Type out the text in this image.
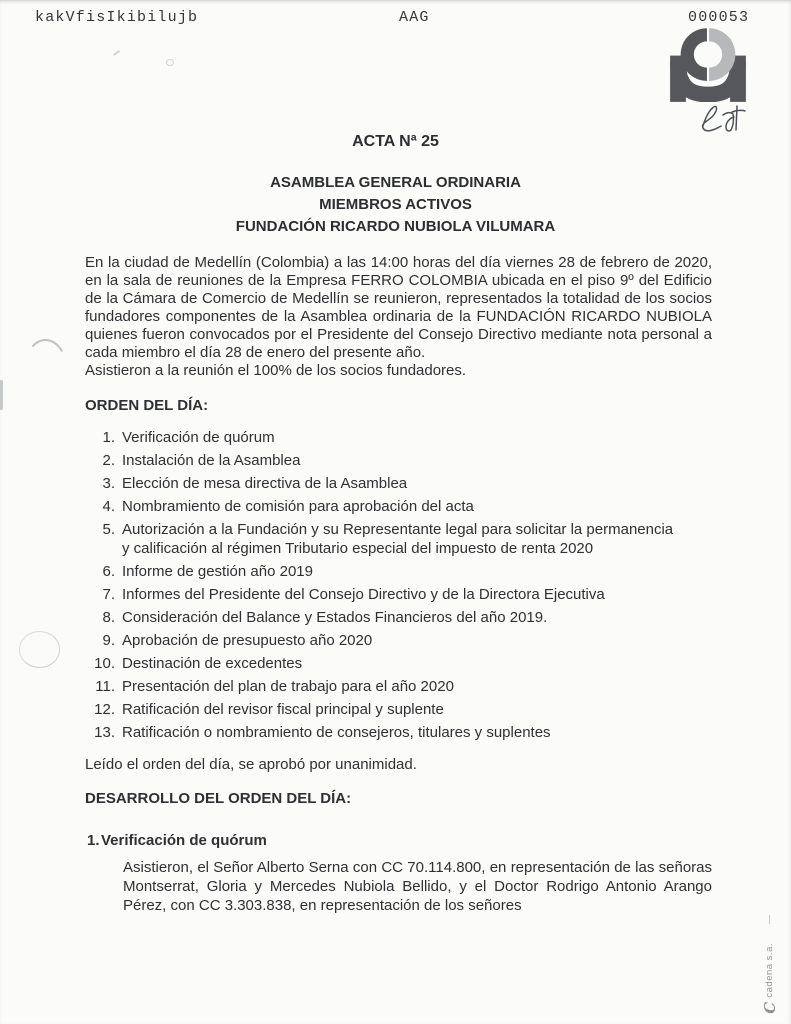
kakVfisIkibilujb	AAG	000053
ACTA Nª 25
ASAMBLEA GENERAL ORDINARIA
MIEMBROS ACTIVOS
FUNDACIÓN RICARDO NUBIOLA VILUMARA

En la ciudad de Medellín (Colombia) a las 14:00 horas del día viernes 28 de febrero de 2020, en la sala de reuniones de la Empresa FERRO COLOMBIA ubicada en el piso 9º del Edificio de la Cámara de Comercio de Medellín se reunieron, representados la totalidad de los socios fundadores componentes de la Asamblea ordinaria de la FUNDACIÓN RICARDO NUBIOLA quienes fueron convocados por el Presidente del Consejo Directivo mediante nota personal a cada miembro el día 28 de enero del presente año.

Asistieron a la reunión el 100% de los socios fundadores.

ORDEN DEL DÍA:

1. Verificación de quórum
2. Instalación de la Asamblea
3. Elección de mesa directiva de la Asamblea
4. Nombramiento de comisión para aprobación del acta
5. Autorización a la Fundación y su Representante legal para solicitar la permanencia y calificación al régimen Tributario especial del impuesto de renta 2020
6. Informe de gestión año 2019
7. Informes del Presidente del Consejo Directivo y de la Directora Ejecutiva
8. Consideración del Balance y Estados Financieros del año 2019.
9. Aprobación de presupuesto año 2020
10. Destinación de excedentes
11. Presentación del plan de trabajo para el año 2020
12. Ratificación del revisor fiscal principal y suplente
13. Ratificación o nombramiento de consejeros, titulares y suplentes

Leído el orden del día, se aprobó por unanimidad.

DESARROLLO DEL ORDEN DEL DÍA:

1.Verificación de quórum

Asistieron, el Señor Alberto Serna con CC 70.114.800, en representación de las señoras Montserrat, Gloria y Mercedes Nubiola Bellido, y el Doctor Rodrigo Antonio Arango Pérez, con CC 3.303.838, en representación de los señores

C cadena s.a.
